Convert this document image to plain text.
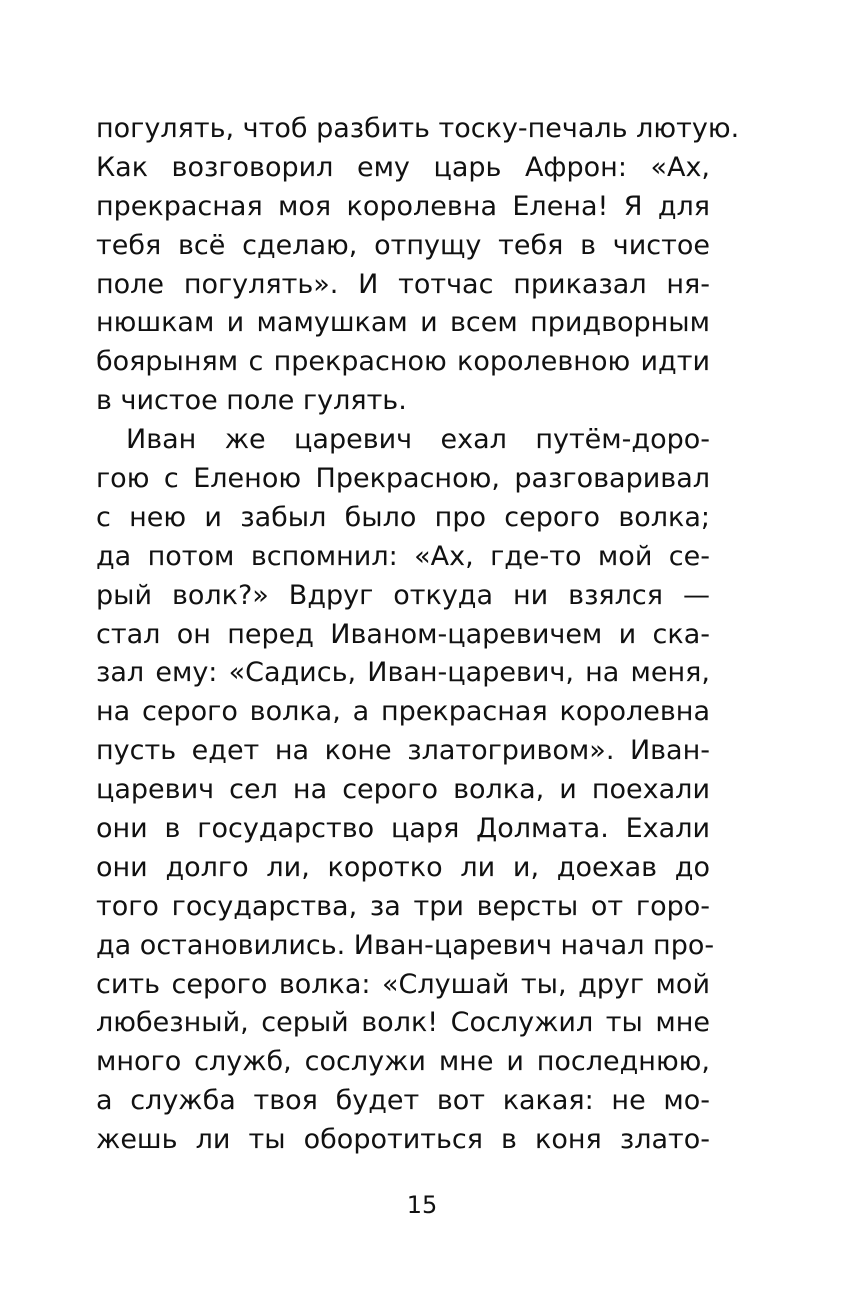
погулять, чтоб разбить тоску-печаль лютую.
Как возговорил ему царь Афрон: «Ах,
прекрасная моя королевна Елена! Я для
тебя всё сделаю, отпущу тебя в чистое
поле погулять». И тотчас приказал ня-
нюшкам и мамушкам и всем придворным
боярыням с прекрасною королевною идти
в чистое поле гулять.
Иван же царевич ехал путём-доро-
гою с Еленою Прекрасною, разговаривал
с нею и забыл было про серого волка;
да потом вспомнил: «Ах, где-то мой се-
рый волк?» Вдруг откуда ни взялся —
стал он перед Иваном-царевичем и ска-
зал ему: «Садись, Иван-царевич, на меня,
на серого волка, а прекрасная королевна
пусть едет на коне златогривом». Иван-
царевич сел на серого волка, и поехали
они в государство царя Долмата. Ехали
они долго ли, коротко ли и, доехав до
того государства, за три версты от горо-
да остановились. Иван-царевич начал про-
сить серого волка: «Слушай ты, друг мой
любезный, серый волк! Сослужил ты мне
много служб, сослужи мне и последнюю,
а служба твоя будет вот какая: не мо-
жешь ли ты оборотиться в коня злато-
15
